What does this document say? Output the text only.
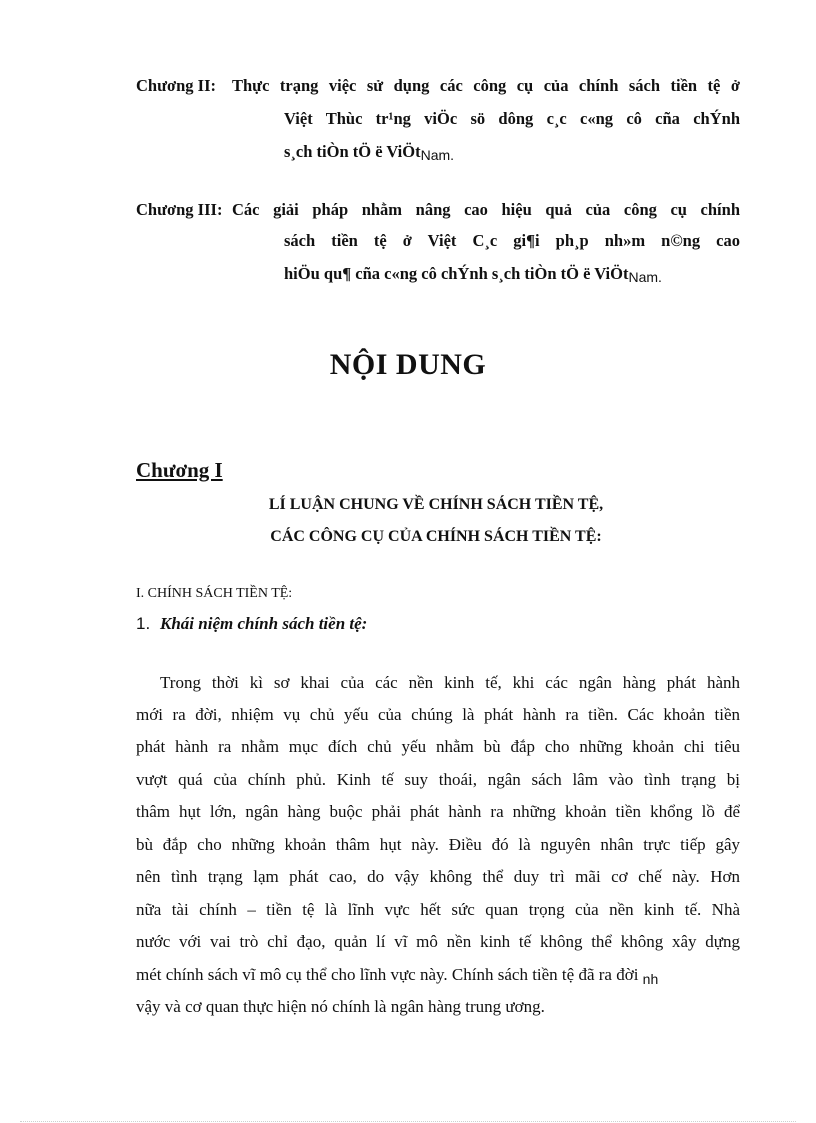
Chương II: Thực trạng việc sử dụng các công cụ của chính sách tiền tệ ở
Việt Thùc tr¹ng viÖc sö dông c¸c c«ng cô cña chÝnh
s¸ch tiÒn tÖ ë ViÖtNam.
Chương III: Các giải pháp nhằm nâng cao hiệu quả của công cụ chính
sách tiền tệ ở Việt C¸c gi¶i ph¸p nh»m n©ng cao
hiÖu qu¶ cña c«ng cô chÝnh s¸ch tiÒn tÖ ë ViÖtNam.
NỘI DUNG
Chương I
LÍ LUẬN CHUNG VỀ CHÍNH SÁCH TIỀN TỆ,
CÁC CÔNG CỤ CỦA CHÍNH SÁCH TIỀN TỆ:
I. CHÍNH SÁCH TIỀN TỆ:
1. Khái niệm chính sách tiền tệ:
Trong thời kì sơ khai của các nền kinh tế, khi các ngân hàng phát hành
mới ra đời, nhiệm vụ chủ yếu của chúng là phát hành ra tiền. Các khoản tiền
phát hành ra nhằm mục đích chủ yếu nhằm bù đắp cho những khoản chi tiêu
vượt quá của chính phủ. Kinh tế suy thoái, ngân sách lâm vào tình trạng bị
thâm hụt lớn, ngân hàng buộc phải phát hành ra những khoản tiền khổng lồ để
bù đắp cho những khoản thâm hụt này. Điều đó là nguyên nhân trực tiếp gây
nên tình trạng lạm phát cao, do vậy không thể duy trì mãi cơ chế này. Hơn
nữa tài chính – tiền tệ là lĩnh vực hết sức quan trọng của nền kinh tế. Nhà
nước với vai trò chỉ đạo, quản lí vĩ mô nền kinh tế không thể không xây dựng
mét chính sách vĩ mô cụ thể cho lĩnh vực này. Chính sách tiền tệ đã ra đời $_{nh}$
vậy và cơ quan thực hiện nó chính là ngân hàng trung ương.
